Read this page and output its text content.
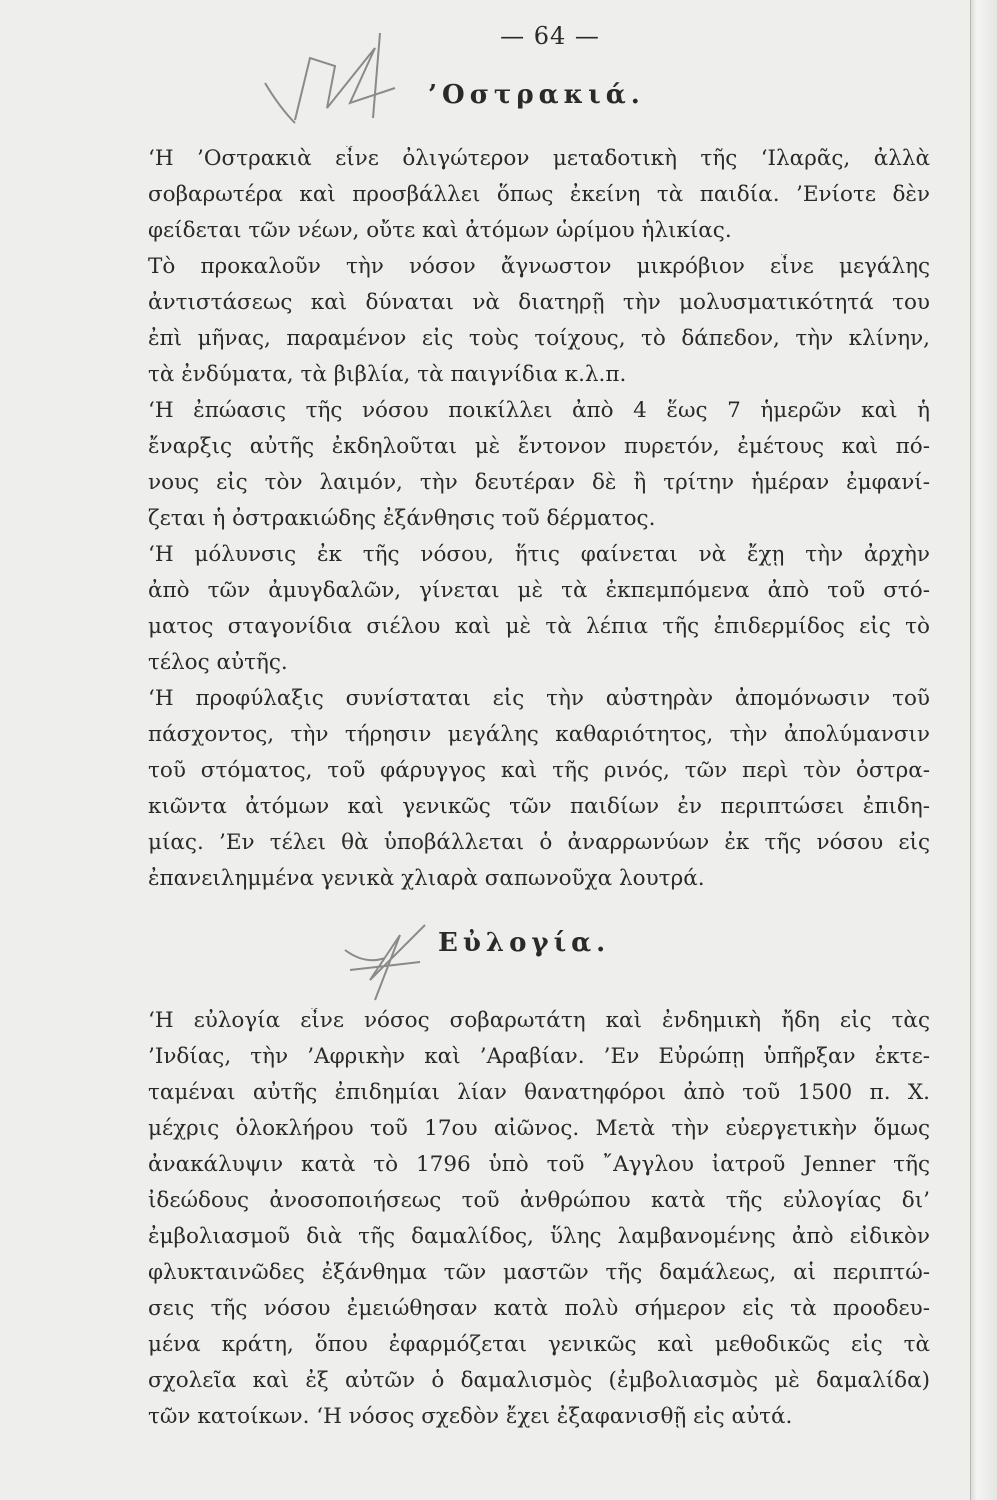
— 64 —
’Οστρακιά.
‘Η ’Οστρακιὰ εἶνε ὀλιγώτερον μεταδοτικὴ τῆς ‘Ιλαρᾶς, ἀλλὰ
σοβαρωτέρα καὶ προσβάλλει ὅπως ἐκείνη τὰ παιδία. ’Ενίοτε δὲν
φείδεται τῶν νέων, οὔτε καὶ ἀτόμων ὡρίμου ἡλικίας.
Τὸ προκαλοῦν τὴν νόσον ἄγνωστον μικρόβιον εἶνε μεγάλης
ἀντιστάσεως καὶ δύναται νὰ διατηρῇ τὴν μολυσματικότητά του
ἐπὶ μῆνας, παραμένον εἰς τοὺς τοίχους, τὸ δάπεδον, τὴν κλίνην,
τὰ ἐνδύματα, τὰ βιβλία, τὰ παιγνίδια κ.λ.π.
‘Η ἐπώασις τῆς νόσου ποικίλλει ἀπὸ 4 ἕως 7 ἡμερῶν καὶ ἡ
ἔναρξις αὐτῆς ἐκδηλοῦται μὲ ἔντονον πυρετόν, ἐμέτους καὶ πό-
νους εἰς τὸν λαιμόν, τὴν δευτέραν δὲ ἢ τρίτην ἡμέραν ἐμφανί-
ζεται ἡ ὀστρακιώδης ἐξάνθησις τοῦ δέρματος.
‘Η μόλυνσις ἐκ τῆς νόσου, ἥτις φαίνεται νὰ ἔχῃ τὴν ἀρχὴν
ἀπὸ τῶν ἀμυγδαλῶν, γίνεται μὲ τὰ ἐκπεμπόμενα ἀπὸ τοῦ στό-
ματος σταγονίδια σιέλου καὶ μὲ τὰ λέπια τῆς ἐπιδερμίδος εἰς τὸ
τέλος αὐτῆς.
‘Η προφύλαξις συνίσταται εἰς τὴν αὐστηρὰν ἀπομόνωσιν τοῦ
πάσχοντος, τὴν τήρησιν μεγάλης καθαριότητος, τὴν ἀπολύμανσιν
τοῦ στόματος, τοῦ φάρυγγος καὶ τῆς ρινός, τῶν περὶ τὸν ὀστρα-
κιῶντα ἀτόμων καὶ γενικῶς τῶν παιδίων ἐν περιπτώσει ἐπιδη-
μίας. ’Εν τέλει θὰ ὑποβάλλεται ὁ ἀναρρωνύων ἐκ τῆς νόσου εἰς
ἐπανειλημμένα γενικὰ χλιαρὰ σαπωνοῦχα λουτρά.
Εὐλογία.
‘Η εὐλογία εἶνε νόσος σοβαρωτάτη καὶ ἐνδημικὴ ἤδη εἰς τὰς
’Ινδίας, τὴν ’Αφρικὴν καὶ ’Αραβίαν. ’Εν Εὐρώπῃ ὑπῆρξαν ἐκτε-
ταμέναι αὐτῆς ἐπιδημίαι λίαν θανατηφόροι ἀπὸ τοῦ 1500 π. Χ.
μέχρις ὁλοκλήρου τοῦ 17ου αἰῶνος. Μετὰ τὴν εὐεργετικὴν ὅμως
ἀνακάλυψιν κατὰ τὸ 1796 ὑπὸ τοῦ ῎Αγγλου ἰατροῦ Jenner τῆς
ἰδεώδους ἀνοσοποιήσεως τοῦ ἀνθρώπου κατὰ τῆς εὐλογίας δι’
ἐμβολιασμοῦ διὰ τῆς δαμαλίδος, ὕλης λαμβανομένης ἀπὸ εἰδικὸν
φλυκταινῶδες ἐξάνθημα τῶν μαστῶν τῆς δαμάλεως, αἱ περιπτώ-
σεις τῆς νόσου ἐμειώθησαν κατὰ πολὺ σήμερον εἰς τὰ προοδευ-
μένα κράτη, ὅπου ἐφαρμόζεται γενικῶς καὶ μεθοδικῶς εἰς τὰ
σχολεῖα καὶ ἐξ αὐτῶν ὁ δαμαλισμὸς (ἐμβολιασμὸς μὲ δαμαλίδα)
τῶν κατοίκων. ‘Η νόσος σχεδὸν ἔχει ἐξαφανισθῇ εἰς αὐτά.
